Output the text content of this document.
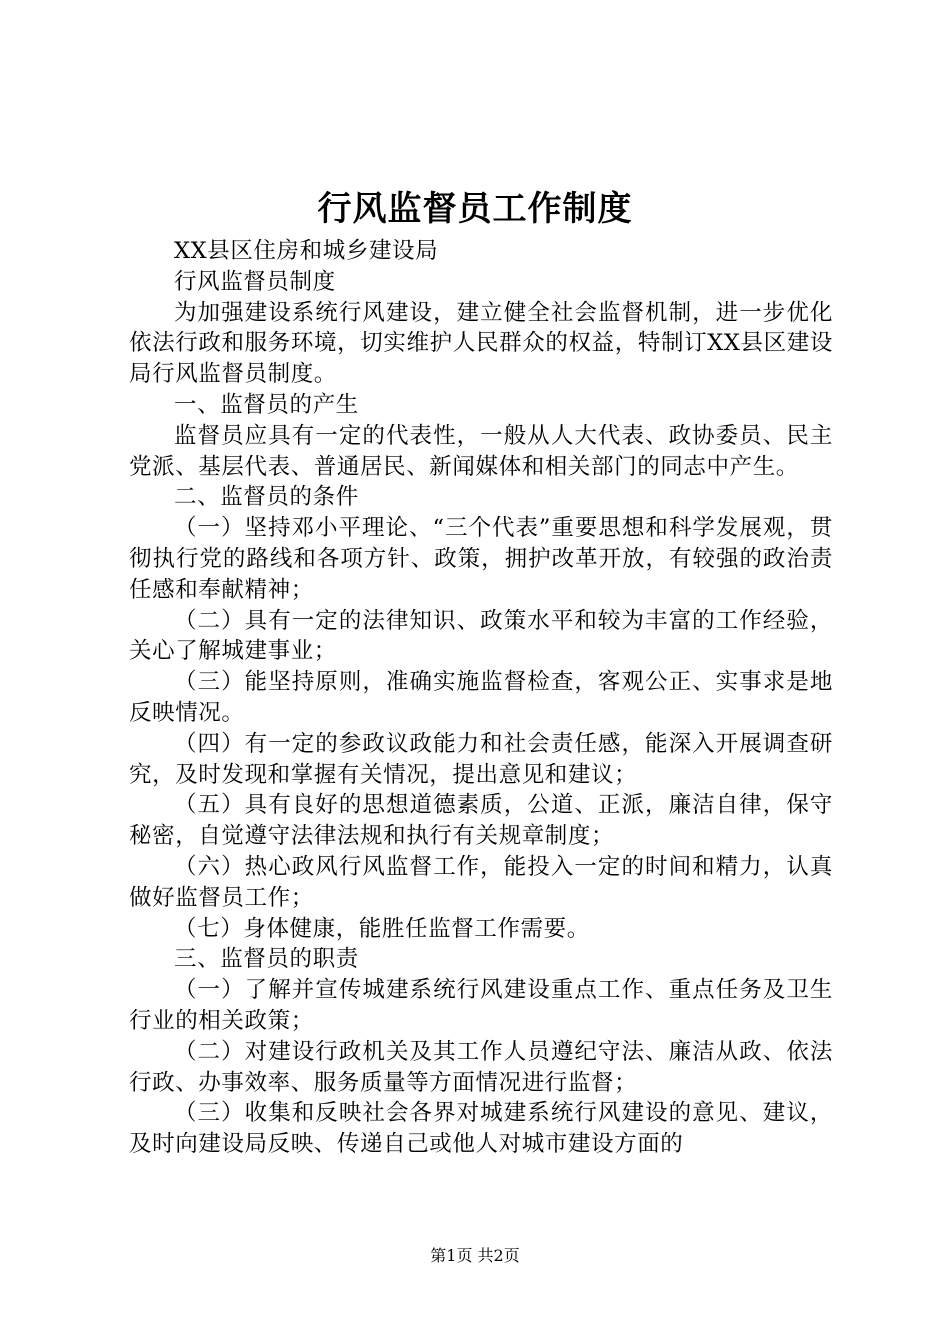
行风监督员工作制度

XX县区住房和城乡建设局

行风监督员制度

为加强建设系统行风建设，建立健全社会监督机制，进一步优化依法行政和服务环境，切实维护人民群众的权益，特制订XX县区建设局行风监督员制度。

一、监督员的产生

监督员应具有一定的代表性，一般从人大代表、政协委员、民主党派、基层代表、普通居民、新闻媒体和相关部门的同志中产生。

二、监督员的条件

（一）坚持邓小平理论、“三个代表”重要思想和科学发展观，贯彻执行党的路线和各项方针、政策，拥护改革开放，有较强的政治责任感和奉献精神；

（二）具有一定的法律知识、政策水平和较为丰富的工作经验，关心了解城建事业；

（三）能坚持原则，准确实施监督检查，客观公正、实事求是地反映情况。

（四）有一定的参政议政能力和社会责任感，能深入开展调查研究，及时发现和掌握有关情况，提出意见和建议；

（五）具有良好的思想道德素质，公道、正派，廉洁自律，保守秘密，自觉遵守法律法规和执行有关规章制度；

（六）热心政风行风监督工作，能投入一定的时间和精力，认真做好监督员工作；

（七）身体健康，能胜任监督工作需要。

三、监督员的职责

（一）了解并宣传城建系统行风建设重点工作、重点任务及卫生行业的相关政策；

（二）对建设行政机关及其工作人员遵纪守法、廉洁从政、依法行政、办事效率、服务质量等方面情况进行监督；

（三）收集和反映社会各界对城建系统行风建设的意见、建议，及时向建设局反映、传递自己或他人对城市建设方面的

第1页 共2页
